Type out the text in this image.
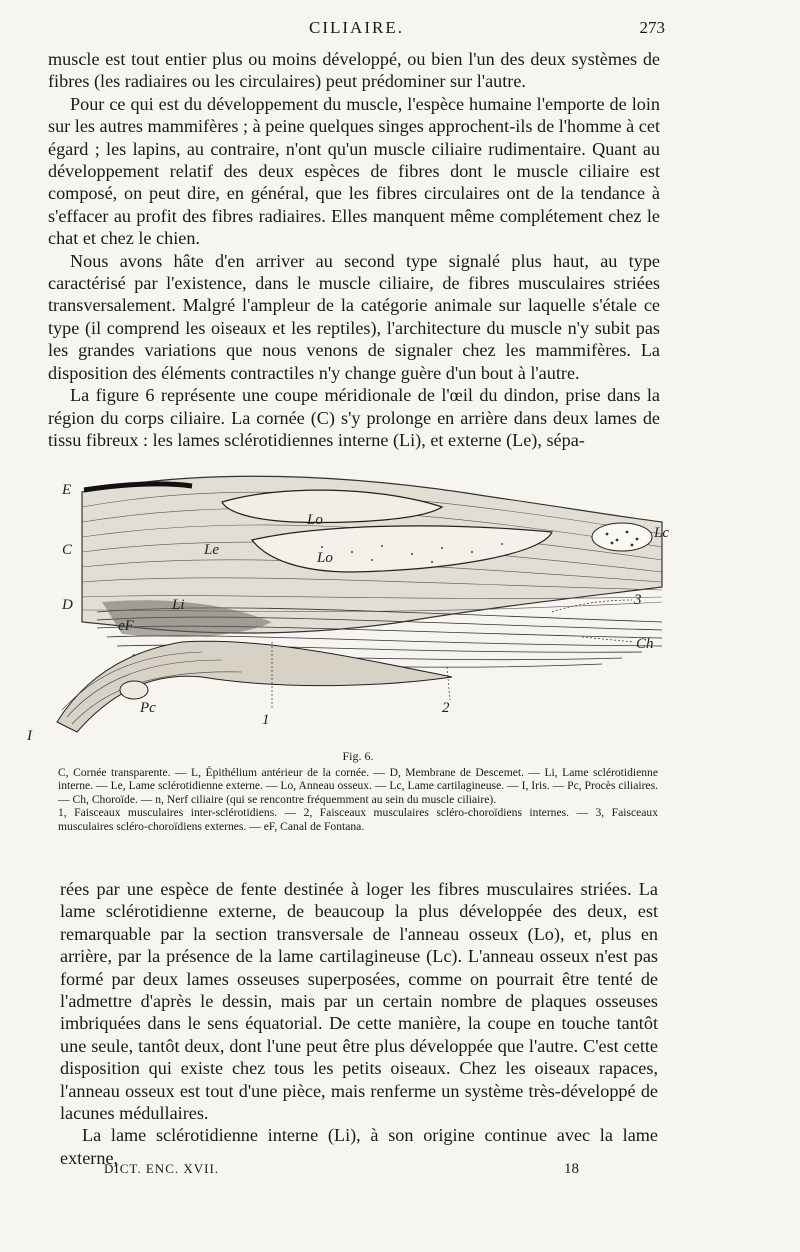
CILIAIRE.	273

muscle est tout entier plus ou moins développé, ou bien l'un des deux systèmes de fibres (les radiaires ou les circulaires) peut prédominer sur l'autre.

Pour ce qui est du développement du muscle, l'espèce humaine l'emporte de loin sur les autres mammifères ; à peine quelques singes approchent-ils de l'homme à cet égard ; les lapins, au contraire, n'ont qu'un muscle ciliaire rudimentaire. Quant au développement relatif des deux espèces de fibres dont le muscle ciliaire est composé, on peut dire, en général, que les fibres circulaires ont de la tendance à s'effacer au profit des fibres radiaires. Elles manquent même complétement chez le chat et chez le chien.

Nous avons hâte d'en arriver au second type signalé plus haut, au type caractérisé par l'existence, dans le muscle ciliaire, de fibres musculaires striées transversalement. Malgré l'ampleur de la catégorie animale sur laquelle s'étale ce type (il comprend les oiseaux et les reptiles), l'architecture du muscle n'y subit pas les grandes variations que nous venons de signaler chez les mammifères. La disposition des éléments contractiles n'y change guère d'un bout à l'autre.

La figure 6 représente une coupe méridionale de l'œil du dindon, prise dans la région du corps ciliaire. La cornée (C) s'y prolonge en arrière dans deux lames de tissu fibreux : les lames sclérotidiennes interne (Li), et externe (Le), sépa-

E
C
D
I
Lo
Lo
Le
Li
Lc
eF
Pc
1
2
3
Ch
Fig. 6.

C, Cornée transparente. — L, Épithélium antérieur de la cornée. — D, Membrane de Descemet. — Li, Lame sclérotidienne interne. — Le, Lame sclérotidienne externe. — Lo, Anneau osseux. — Lc, Lame cartilagineuse. — I, Iris. — Pc, Procès ciliaires. — Ch, Choroïde. — n, Nerf ciliaire (qui se rencontre fréquemment au sein du muscle ciliaire).

1, Faisceaux musculaires inter-sclérotidiens. — 2, Faisceaux musculaires scléro-choroïdiens internes. — 3, Faisceaux musculaires scléro-choroïdiens externes. — eF, Canal de Fontana.

rées par une espèce de fente destinée à loger les fibres musculaires striées. La lame sclérotidienne externe, de beaucoup la plus développée des deux, est remarquable par la section transversale de l'anneau osseux (Lo), et, plus en arrière, par la présence de la lame cartilagineuse (Lc). L'anneau osseux n'est pas formé par deux lames osseuses superposées, comme on pourrait être tenté de l'admettre d'après le dessin, mais par un certain nombre de plaques osseuses imbriquées dans le sens équatorial. De cette manière, la coupe en touche tantôt une seule, tantôt deux, dont l'une peut être plus développée que l'autre. C'est cette disposition qui existe chez tous les petits oiseaux. Chez les oiseaux rapaces, l'anneau osseux est tout d'une pièce, mais renferme un système très-développé de lacunes médullaires.

La lame sclérotidienne interne (Li), à son origine continue avec la lame externe,

DICT. ENC. XVII.	18
